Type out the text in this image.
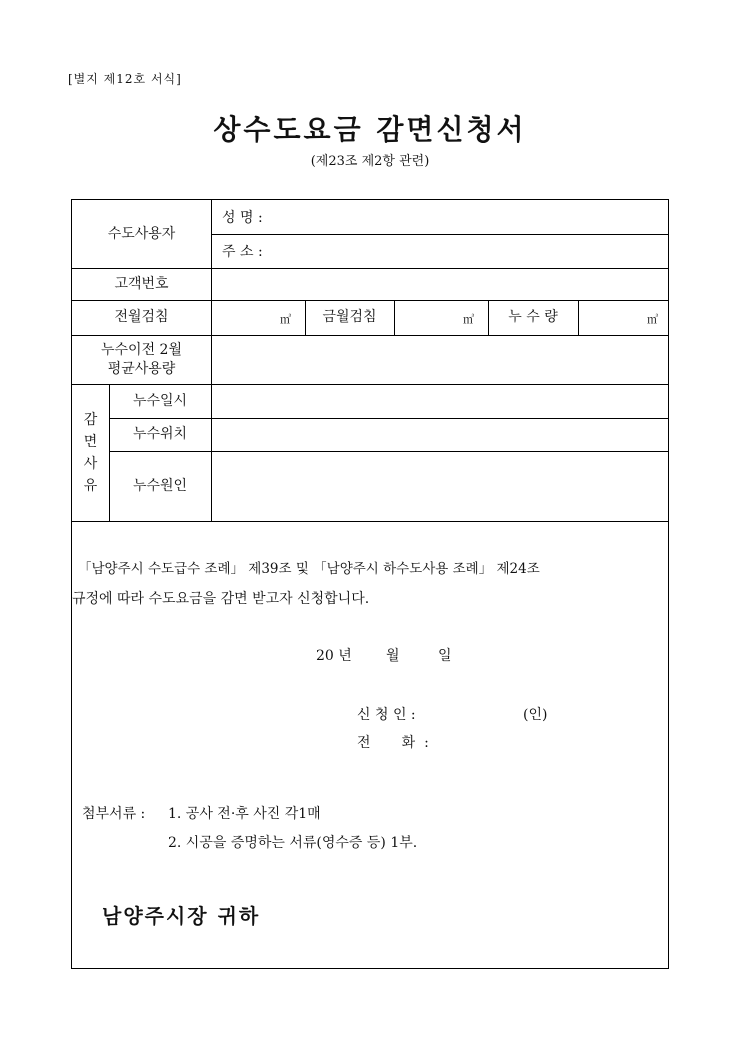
[별지 제12호 서식]
상수도요금 감면신청서
(제23조 제2항 관련)
수도사용자
성 명 :
주 소 :
고객번호
전월검침	㎥	금월검침	㎥	누 수 량	㎥
누수이전 2월
평균사용량
감
면
사
유
누수일시
누수위치
누수원인
「남양주시 수도급수 조례」 제39조 및 「남양주시 하수도사용 조례」 제24조
규정에 따라 수도요금을 감면 받고자 신청합니다.
20 년 월	일
신 청 인 :	(인)
전       화  :
첨부서류 : 1. 공사 전·후 사진 각1매
2. 시공을 증명하는 서류(영수증 등) 1부.
남양주시장 귀하
